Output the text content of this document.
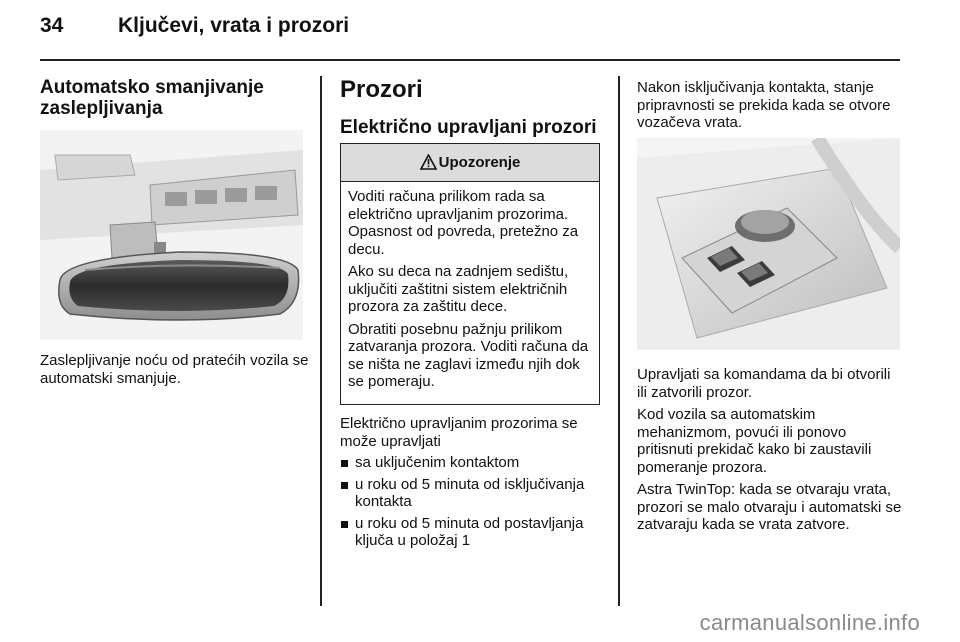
34	Ključevi, vrata i prozori
Automatsko smanjivanje
zaslepljivanja
Zaslepljivanje noću od pratećih vozila se automatski smanjuje.
Prozori
Električno upravljani prozori
Upozorenje

Voditi računa prilikom rada sa električno upravljanim prozorima. Opasnost od povreda, pretežno za decu.

Ako su deca na zadnjem sedištu, uključiti zaštitni sistem električnih prozora za zaštitu dece.

Obratiti posebnu pažnju prilikom zatvaranja prozora. Voditi računa da se ništa ne zaglavi između njih dok se pomeraju.

Električno upravljanim prozorima se može upravljati
sa uključenim kontaktom
u roku od 5 minuta od isključivanja kontakta
u roku od 5 minuta od postavljanja ključa u položaj 1
Nakon isključivanja kontakta, stanje pripravnosti se prekida kada se otvore vozačeva vrata.

Upravljati sa komandama da bi otvorili ili zatvorili prozor.

Kod vozila sa automatskim mehanizmom, povući ili ponovo pritisnuti prekidač kako bi zaustavili pomeranje prozora.

Astra TwinTop: kada se otvaraju vrata, prozori se malo otvaraju i automatski se zatvaraju kada se vrata zatvore.

carmanualsonline.info
